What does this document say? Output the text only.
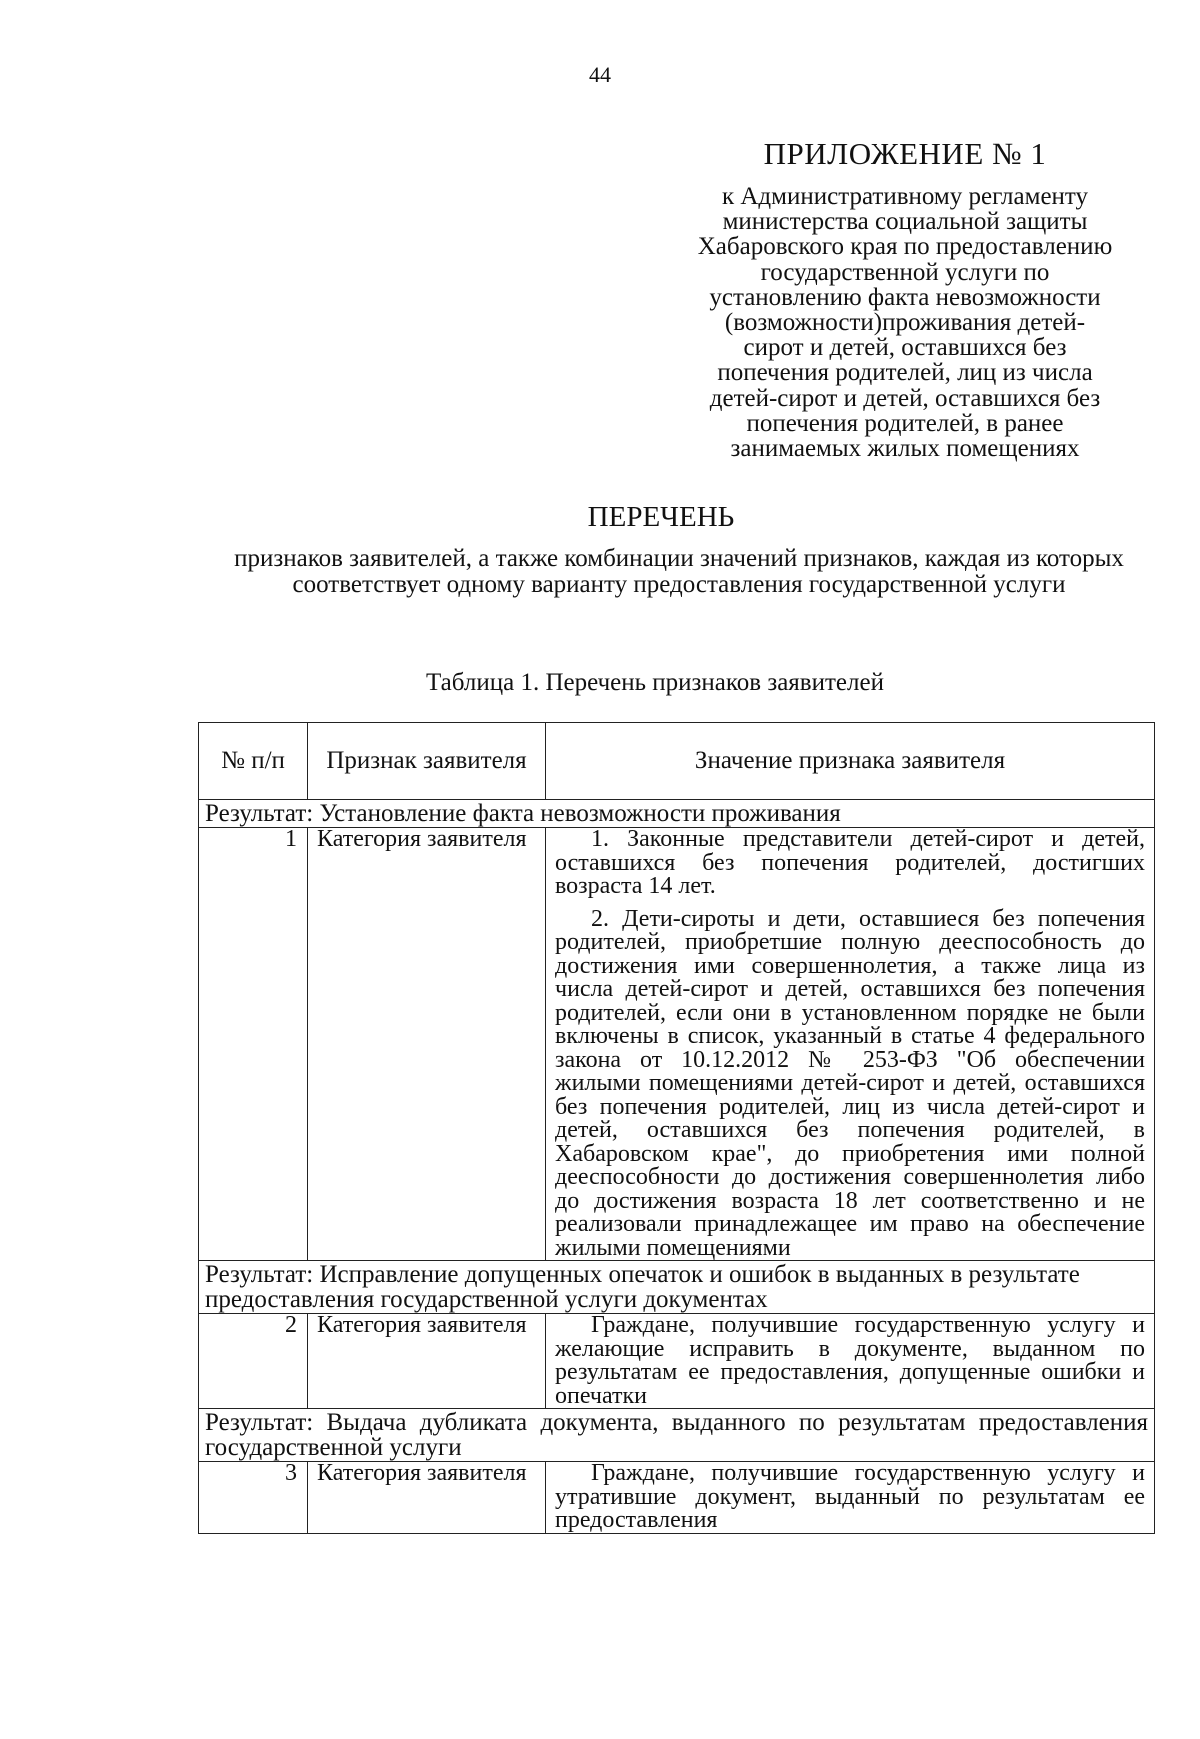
44
ПРИЛОЖЕНИЕ № 1
к Административному регламенту
министерства социальной защиты
Хабаровского края по предоставлению
государственной услуги по
установлению факта невозможности
(возможности)проживания детей-
сирот и детей, оставшихся без
попечения родителей, лиц из числа
детей-сирот и детей, оставшихся без
попечения родителей, в ранее
занимаемых жилых помещениях
ПЕРЕЧЕНЬ
признаков заявителей, а также комбинации значений признаков, каждая из которых соответствует одному варианту предоставления государственной услуги
Таблица 1. Перечень признаков заявителей
№ п/п	Признак заявителя	Значение признака заявителя
Результат: Установление факта невозможности проживания		
1	Категория заявителя	1. Законные представители детей-сирот и детей, оставшихся без попечения родителей, достигших возраста 14 лет.

2. Дети-сироты и дети, оставшиеся без попечения родителей, приобретшие полную дееспособность до достижения ими совершеннолетия, а также лица из числа детей-сирот и детей, оставшихся без попечения родителей, если они в установленном порядке не были включены в список, указанный в статье 4 федерального закона от 10.12.2012 № 253-ФЗ "Об обеспечении жилыми помещениями детей-сирот и детей, оставшихся без попечения родителей, лиц из числа детей-сирот и детей, оставшихся без попечения родителей, в Хабаровском крае", до приобретения ими полной дееспособности до достижения совершеннолетия либо до достижения возраста 18 лет соответственно и не реализовали принадлежащее им право на обеспечение жилыми помещениями

Результат: Исправление допущенных опечаток и ошибок в выданных в результате предоставления государственной услуги документах		
2	Категория заявителя	Граждане, получившие государственную услугу и желающие исправить в документе, выданном по результатам ее предоставления, допущенные ошибки и опечатки
Результат: Выдача дубликата документа, выданного по результатам предоставления государственной услуги		
3	Категория заявителя	Граждане, получившие государственную услугу и утратившие документ, выданный по результатам ее предоставления
